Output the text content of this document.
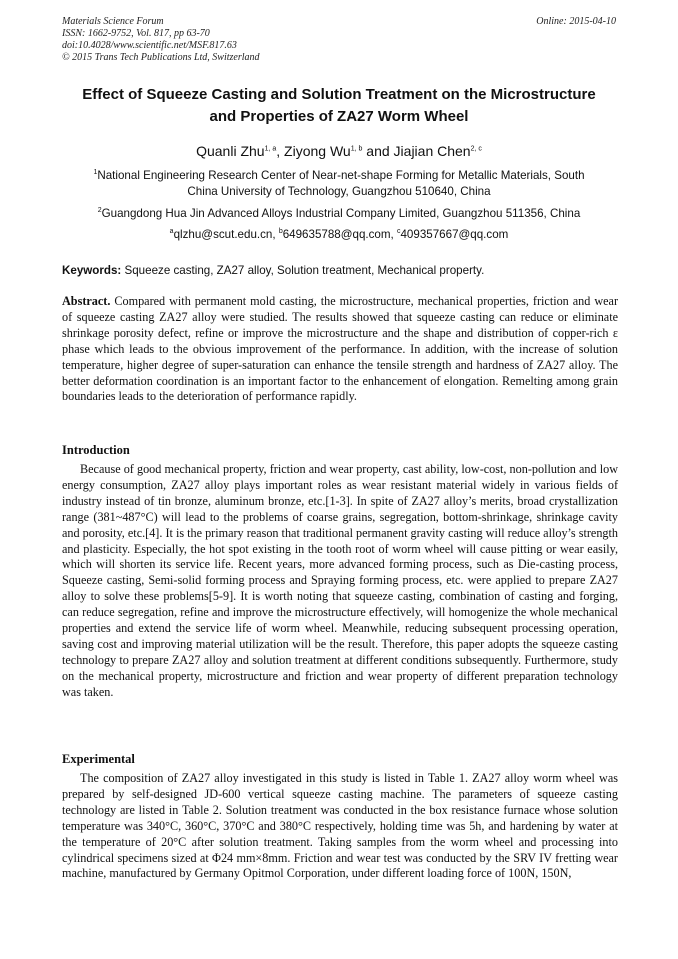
Materials Science Forum
ISSN: 1662-9752, Vol. 817, pp 63-70
doi:10.4028/www.scientific.net/MSF.817.63
© 2015 Trans Tech Publications Ltd, Switzerland
Online: 2015-04-10
Effect of Squeeze Casting and Solution Treatment on the Microstructure
and Properties of ZA27 Worm Wheel
Quanli Zhu$^{1, a}$, Ziyong Wu$^{1, b}$ and Jiajian Chen$^{2, c}$
$^1$National Engineering Research Center of Near-net-shape Forming for Metallic Materials, South
China University of Technology, Guangzhou 510640, China
$^2$Guangdong Hua Jin Advanced Alloys Industrial Company Limited, Guangzhou 511356, China
$^a$qlzhu@scut.edu.cn, $^b$649635788@qq.com, $^c$409357667@qq.com
Keywords: Squeeze casting, ZA27 alloy, Solution treatment, Mechanical property.
Abstract. Compared with permanent mold casting, the microstructure, mechanical properties, friction and wear of squeeze casting ZA27 alloy were studied. The results showed that squeeze casting can reduce or eliminate shrinkage porosity defect, refine or improve the microstructure and the shape and distribution of copper-rich ε phase which leads to the obvious improvement of the performance. In addition, with the increase of solution temperature, higher degree of super-saturation can enhance the tensile strength and hardness of ZA27 alloy. The better deformation coordination is an important factor to the enhancement of elongation. Remelting among grain boundaries leads to the deterioration of performance rapidly.
Introduction
Because of good mechanical property, friction and wear property, cast ability, low-cost, non-pollution and low energy consumption, ZA27 alloy plays important roles as wear resistant material widely in various fields of industry instead of tin bronze, aluminum bronze, etc.[1-3]. In spite of ZA27 alloy’s merits, broad crystallization range (381~487°C) will lead to the problems of coarse grains, segregation, bottom-shrinkage, shrinkage cavity and porosity, etc.[4]. It is the primary reason that traditional permanent gravity casting will reduce alloy’s strength and plasticity. Especially, the hot spot existing in the tooth root of worm wheel will cause pitting or wear easily, which will shorten its service life. Recent years, more advanced forming process, such as Die-casting process, Squeeze casting, Semi-solid forming process and Spraying forming process, etc. were applied to prepare ZA27 alloy to solve these problems[5-9]. It is worth noting that squeeze casting, combination of casting and forging, can reduce segregation, refine and improve the microstructure effectively, will homogenize the whole mechanical properties and extend the service life of worm wheel. Meanwhile, reducing subsequent processing operation, saving cost and improving material utilization will be the result. Therefore, this paper adopts the squeeze casting technology to prepare ZA27 alloy and solution treatment at different conditions subsequently. Furthermore, study on the mechanical property, microstructure and friction and wear property of different preparation technology was taken.
Experimental
The composition of ZA27 alloy investigated in this study is listed in Table 1. ZA27 alloy worm wheel was prepared by self-designed JD-600 vertical squeeze casting machine. The parameters of squeeze casting technology are listed in Table 2. Solution treatment was conducted in the box resistance furnace whose solution temperature was 340°C, 360°C, 370°C and 380°C respectively, holding time was 5h, and hardening by water at the temperature of 20°C after solution treatment. Taking samples from the worm wheel and processing into cylindrical specimens sized at Φ24 mm×8mm. Friction and wear test was conducted by the SRV IV fretting wear machine, manufactured by Germany Opitmol Corporation, under different loading force of 100N, 150N,
